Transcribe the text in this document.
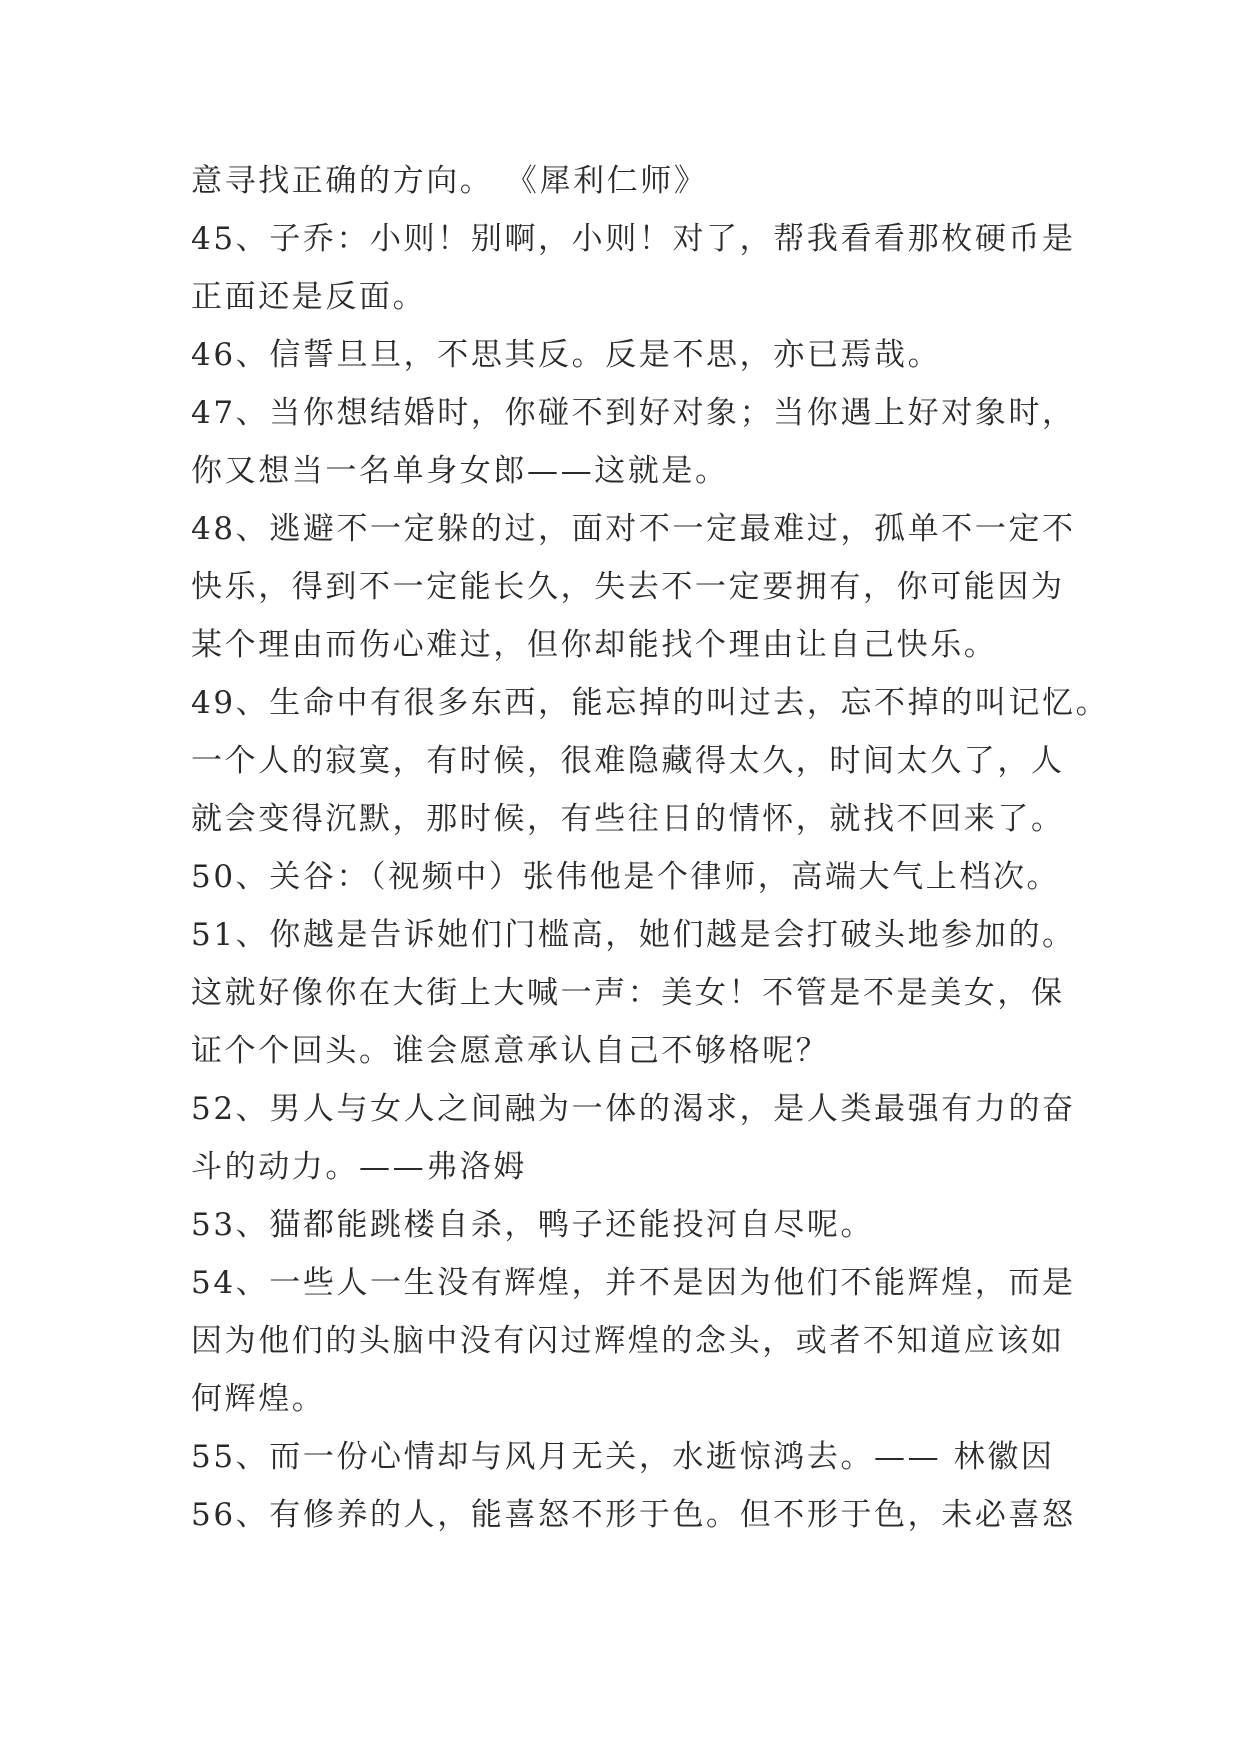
意寻找正确的方向。 《犀利仁师》
45、子乔：小则！别啊，小则！对了，帮我看看那枚硬币是
正面还是反面。
46、信誓旦旦，不思其反。反是不思，亦已焉哉。
47、当你想结婚时，你碰不到好对象；当你遇上好对象时，
你又想当一名单身女郎——这就是。
48、逃避不一定躲的过，面对不一定最难过，孤单不一定不
快乐，得到不一定能长久，失去不一定要拥有，你可能因为
某个理由而伤心难过，但你却能找个理由让自己快乐。
49、生命中有很多东西，能忘掉的叫过去，忘不掉的叫记忆。
一个人的寂寞，有时候，很难隐藏得太久，时间太久了，人
就会变得沉默，那时候，有些往日的情怀，就找不回来了。
50、关谷：（视频中）张伟他是个律师，高端大气上档次。
51、你越是告诉她们门槛高，她们越是会打破头地参加的。
这就好像你在大街上大喊一声：美女！不管是不是美女，保
证个个回头。谁会愿意承认自己不够格呢？
52、男人与女人之间融为一体的渴求，是人类最强有力的奋
斗的动力。——弗洛姆
53、猫都能跳楼自杀，鸭子还能投河自尽呢。
54、一些人一生没有辉煌，并不是因为他们不能辉煌，而是
因为他们的头脑中没有闪过辉煌的念头，或者不知道应该如
何辉煌。
55、而一份心情却与风月无关，水逝惊鸿去。—— 林徽因
56、有修养的人，能喜怒不形于色。但不形于色，未必喜怒
